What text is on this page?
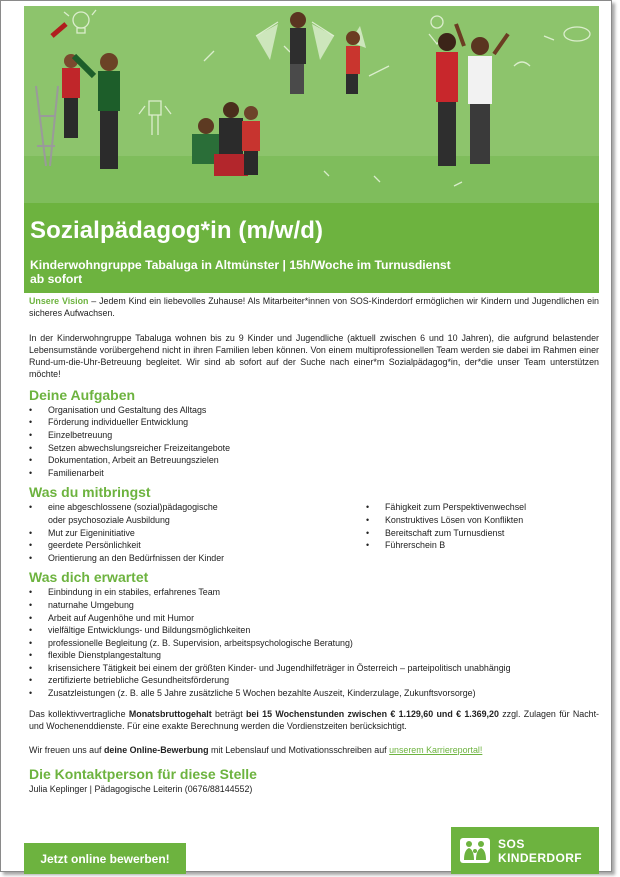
Sozialpädagog*in (m/w/d)
Kinderwohngruppe Tabaluga in Altmünster | 15h/Woche im Turnusdienst
ab sofort

Unsere Vision – Jedem Kind ein liebevolles Zuhause! Als Mitarbeiter*innen von SOS-Kinderdorf ermöglichen wir Kindern und Jugendlichen ein sicheres Aufwachsen.

In der Kinderwohngruppe Tabaluga wohnen bis zu 9 Kinder und Jugendliche (aktuell zwischen 6 und 10 Jahren), die aufgrund belastender Lebensumstände vorübergehend nicht in ihren Familien leben können. Von einem multiprofessionellen Team werden sie dabei im Rahmen einer Rund-um-die-Uhr-Betreuung begleitet. Wir sind ab sofort auf der Suche nach einer*m Sozialpädagog*in, der*die unser Team unterstützen möchte!

Deine Aufgaben
• Organisation und Gestaltung des Alltags
• Förderung individueller Entwicklung
• Einzelbetreuung
• Setzen abwechslungsreicher Freizeitangebote
• Dokumentation, Arbeit an Betreuungszielen
• Familienarbeit
Was du mitbringst
• eine abgeschlossene (sozial)pädagogische
oder psychosoziale Ausbildung
• Mut zur Eigeninitiative
• geerdete Persönlichkeit
• Orientierung an den Bedürfnissen der Kinder
• Fähigkeit zum Perspektivenwechsel
• Konstruktives Lösen von Konflikten
• Bereitschaft zum Turnusdienst
• Führerschein B
Was dich erwartet
• Einbindung in ein stabiles, erfahrenes Team
• naturnahe Umgebung
• Arbeit auf Augenhöhe und mit Humor
• vielfältige Entwicklungs- und Bildungsmöglichkeiten
• professionelle Begleitung (z. B. Supervision, arbeitspsychologische Beratung)
• flexible Dienstplangestaltung
• krisensichere Tätigkeit bei einem der größten Kinder- und Jugendhilfeträger in Österreich – parteipolitisch unabhängig
• zertifizierte betriebliche Gesundheitsförderung
• Zusatzleistungen (z. B. alle 5 Jahre zusätzliche 5 Wochen bezahlte Auszeit, Kinderzulage, Zukunftsvorsorge)

Das kollektivvertragliche Monatsbruttogehalt beträgt bei 15 Wochenstunden zwischen € 1.129,60 und € 1.369,20 zzgl. Zulagen für Nacht- und Wochenenddienste. Für eine exakte Berechnung werden die Vordienstzeiten berücksichtigt.

Wir freuen uns auf deine Online-Bewerbung mit Lebenslauf und Motivationsschreiben auf unserem Karriereportal!

Die Kontaktperson für diese Stelle
Julia Keplinger | Pädagogische Leiterin (0676/88144552)
Jetzt online bewerben!
SOS
KINDERDORF
